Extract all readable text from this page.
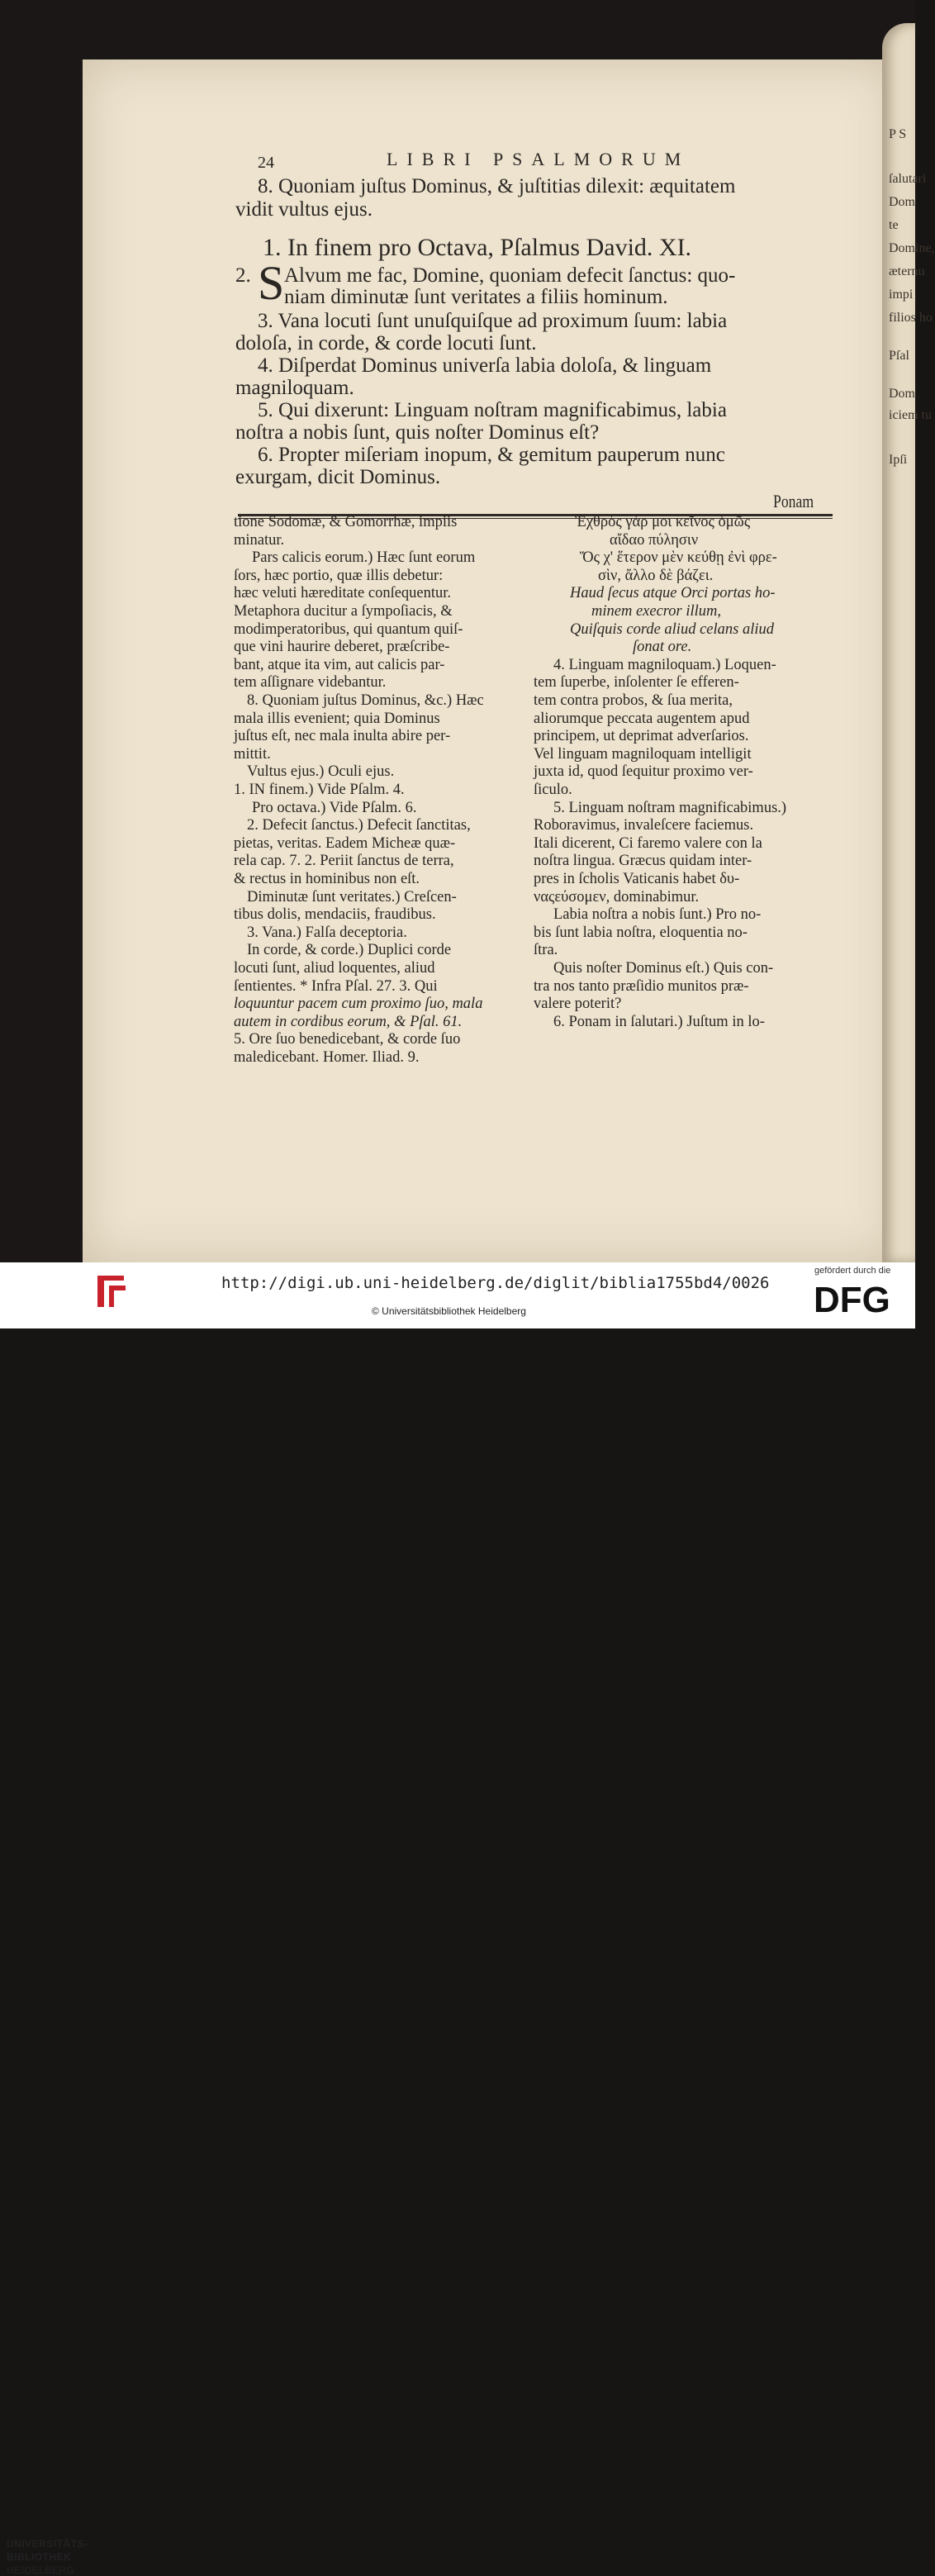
P S
ſalutari
Dom
te
Domine,
æternu
impi
filios ho
Pſal
Dom
iciem tu
Ipſi
24	LIBRI PSALMORUM
8. Quoniam juſtus Dominus, & juſtitias dilexit: æquitatem
vidit vultus ejus.
1. In finem pro Octava, Pſalmus David. XI.
2. S Alvum me fac, Domine, quoniam defecit ſanctus: quo-
niam diminutæ ſunt veritates a filiis hominum.
3. Vana locuti ſunt unuſquiſque ad proximum ſuum: labia
doloſa, in corde, & corde locuti ſunt.
4. Diſperdat Dominus univerſa labia doloſa, & linguam
magniloquam.
5. Qui dixerunt: Linguam noſtram magnificabimus, labia
noſtra a nobis ſunt, quis noſter Dominus eſt?
6. Propter miſeriam inopum, & gemitum pauperum nunc
exurgam, dicit Dominus.
Ponam
tione Sodomæ, & Gomorrhæ, impiis
minatur.
Pars calicis eorum.) Hæc ſunt eorum
ſors, hæc portio, quæ illis debetur:
hæc veluti hæreditate conſequentur.
Metaphora ducitur a ſympoſiacis, &
modimperatoribus, qui quantum quiſ-
que vini haurire deberet, præſcribe-
bant, atque ita vim, aut calicis par-
tem aſſignare videbantur.
8. Quoniam juſtus Dominus, &c.) Hæc
mala illis evenient; quia Dominus
juſtus eſt, nec mala inulta abire per-
mittit.
Vultus ejus.) Oculi ejus.
1. IN finem.) Vide Pſalm. 4.
Pro octava.) Vide Pſalm. 6.
2. Defecit ſanctus.) Defecit ſanctitas,
pietas, veritas. Eadem Micheæ quæ-
rela cap. 7. 2. Periit ſanctus de terra,
& rectus in hominibus non eſt.
Diminutæ ſunt veritates.) Creſcen-
tibus dolis, mendaciis, fraudibus.
3. Vana.) Falſa deceptoria.
In corde, & corde.) Duplici corde
locuti ſunt, aliud loquentes, aliud
ſentientes. * Infra Pſal. 27. 3. Qui
loquuntur pacem cum proximo ſuo, mala
autem in cordibus eorum, & Pſal. 61.
5. Ore ſuo benedicebant, & corde ſuo
maledicebant. Homer. Iliad. 9.
Ἐχθρὸς γάρ μοι κεῖνος ὁμῶς
αἴδαο πύλησιν
Ὅς χ' ἕτερον μὲν κεύθῃ ἐνὶ φρε-
σὶν, ἄλλο δὲ βάζει.
Haud ſecus atque Orci portas ho-
minem execror illum,
Quiſquis corde aliud celans aliud
ſonat ore.
4. Linguam magniloquam.) Loquen-
tem ſuperbe, inſolenter ſe efferen-
tem contra probos, & ſua merita,
aliorumque peccata augentem apud
principem, ut deprimat adverſarios.
Vel linguam magniloquam intelligit
juxta id, quod ſequitur proximo ver-
ſiculo.
5. Linguam noſtram magnificabimus.)
Roboravimus, invaleſcere faciemus.
Itali dicerent, Ci faremo valere con la
noſtra lingua. Græcus quidam inter-
pres in ſcholis Vaticanis habet δυ-
ναςεύσομεν, dominabimur.
Labia noſtra a nobis ſunt.) Pro no-
bis ſunt labia noſtra, eloquentia no-
ſtra.
Quis noſter Dominus eſt.) Quis con-
tra nos tanto præſidio munitos præ-
valere poterit?
6. Ponam in ſalutari.) Juſtum in lo-
UNIVERSITÄTS-
BIBLIOTHEK
HEIDELBERG
http://digi.ub.uni-heidelberg.de/diglit/biblia1755bd4/0026
© Universitätsbibliothek Heidelberg
gefördert durch die
DFG
